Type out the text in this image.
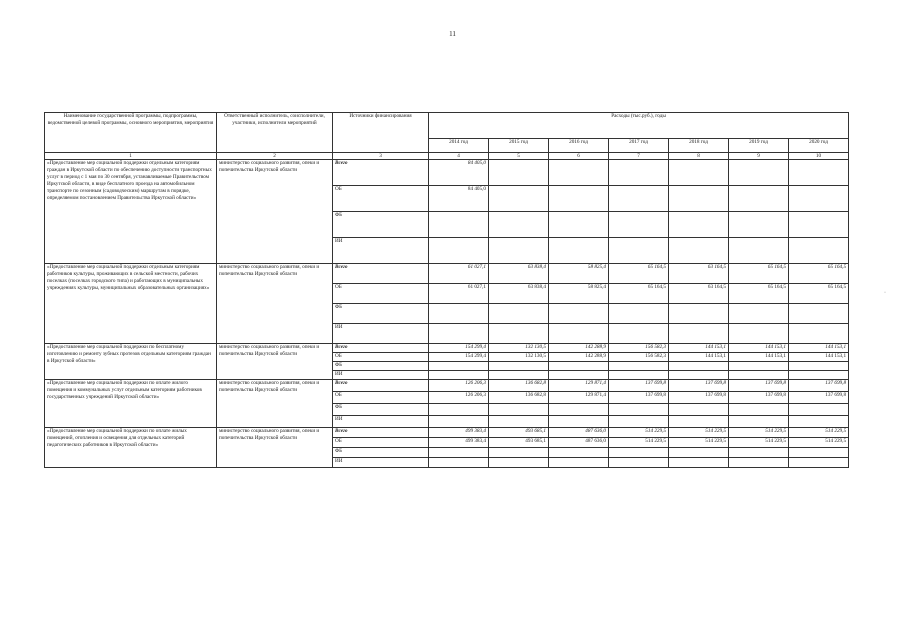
11
Наименование государственной программы, подпрограммы, ведомственной целевой программы, основного мероприятия, мероприятия	Ответственный исполнитель, соисполнители, участники, исполнители мероприятий	Источники финансирования	Расходы (тыс.руб.), годы						
			2014 год	2015 год	2016 год	2017 год	2018 год	2019 год	2020 год
1	2	3	4	5	6	7	8	9	10
«Предоставление мер социальной поддержки отдельным категориям граждан в Иркутской области по обеспечению доступности транспортных услуг в период с 1 мая по 30 сентября, устанавливаемые Правительством Иркутской области, в виде бесплатного проезда на автомобильном транспорте по сезонным (садоводческим) маршрутам в порядке, определяемом постановлением Правительства Иркутской области»	министерство социального развития, опеки и попечительства Иркутской области	Всего	84 405,0						
		ОБ	84 405,0						
		ФБ							
		ИИ							
«Предоставление мер социальной поддержки отдельным категориям работников культуры, проживающих в сельской местности, рабочих поселках (поселках городского типа) и работающих в муниципальных учреждениях культуры, муниципальных образовательных организациях»	министерство социального развития, опеки и попечительства Иркутской области	Всего	61 027,1	63 838,4	58 825,4	65 164,5	63 164,5	65 164,5	65 164,5
		ОБ	61 027,1	63 838,4	58 825,4	65 164,5	63 164,5	65 164,5	65 164,5
		ФБ							
		ИИ							
«Предоставление мер социальной поддержки по бесплатному изготовлению и ремонту зубных протезов отдельным категориям граждан в Иркутской области»	министерство социального развития, опеки и попечительства Иркутской области	Всего	154 299,4	132 130,5	142 288,9	156 582,3	144 153,1	144 153,1	144 153,1
		ОБ	154 299,4	132 130,5	142 288,9	156 582,3	144 153,1	144 153,1	144 153,1
		ФБ							
		ИИ							
«Предоставление мер социальной поддержки по оплате жилого помещения и коммунальных услуг отдельным категориям работников государственных учреждений Иркутской области»	министерство социального развития, опеки и попечительства Иркутской области	Всего	126 206,3	136 682,8	129 871,4	137 699,8	137 699,8	137 699,8	137 699,8
		ОБ	126 206,3	136 682,8	129 871,4	137 699,8	137 699,8	137 699,8	137 699,8
		ФБ							
		ИИ							
«Предоставление мер социальной поддержки по оплате жилых помещений, отопления и освещения для отдельных категорий педагогических работников в Иркутской области»	министерство социального развития, опеки и попечительства Иркутской области	Всего	499 383,4	493 685,1	487 636,0	514 229,5	514 229,5	514 229,5	514 229,5
		ОБ	499 383,4	493 685,1	487 636,0	514 229,5	514 229,5	514 229,5	514 229,5
		ФБ							
		ИИ							
·
